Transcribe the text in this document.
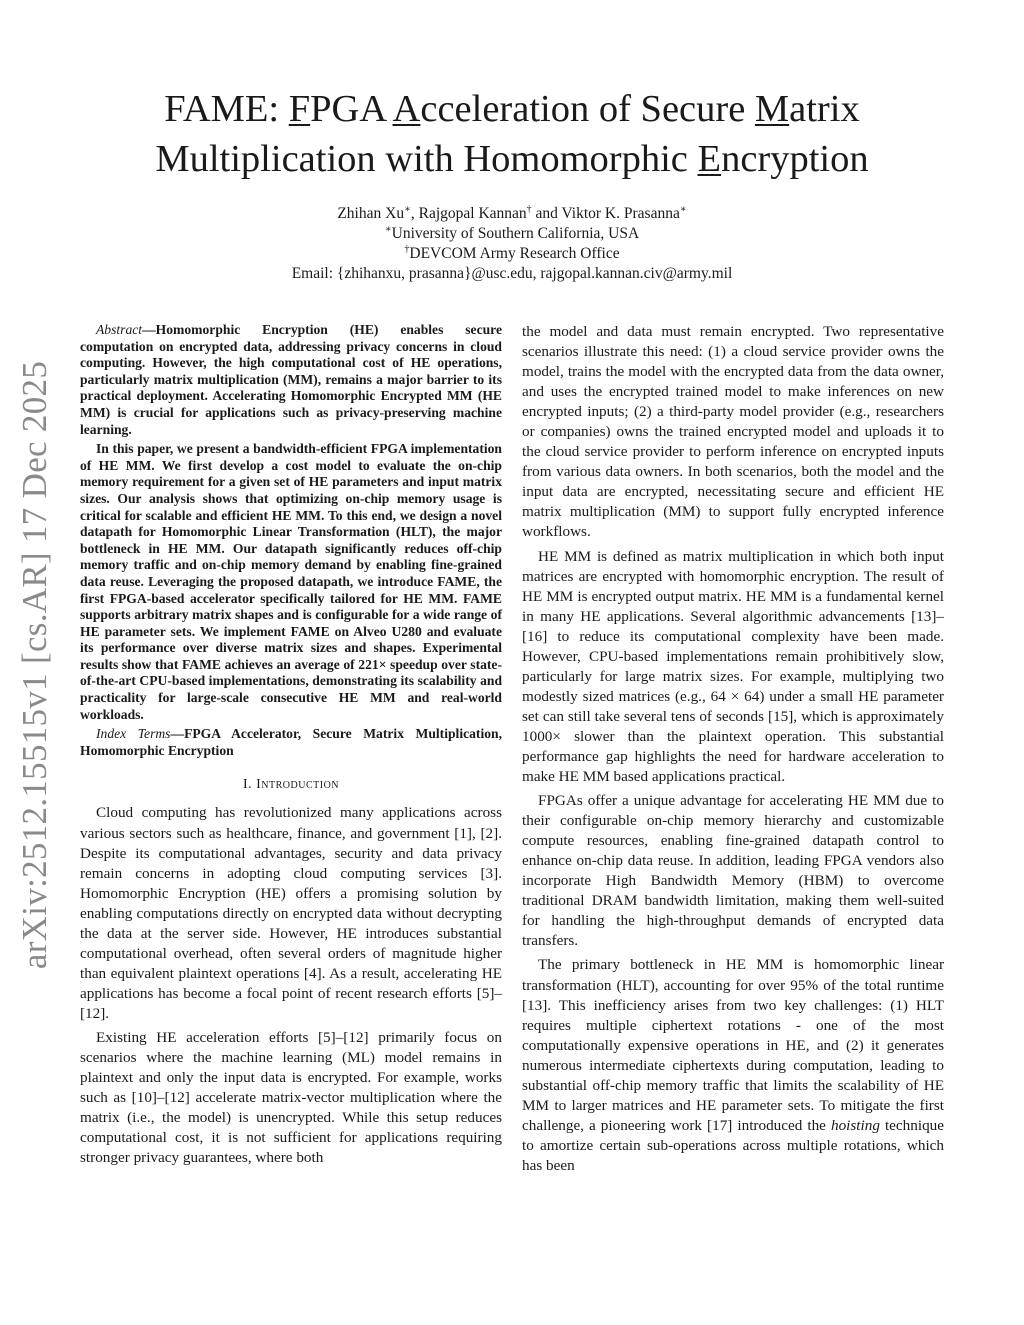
arXiv:2512.15515v1 [cs.AR] 17 Dec 2025
FAME: FPGA Acceleration of Secure Matrix
Multiplication with Homomorphic Encryption
Zhihan Xu∗, Rajgopal Kannan† and Viktor K. Prasanna∗
∗University of Southern California, USA
†DEVCOM Army Research Office
Email: {zhihanxu, prasanna}@usc.edu, rajgopal.kannan.civ@army.mil

Abstract—Homomorphic Encryption (HE) enables secure computation on encrypted data, addressing privacy concerns in cloud computing. However, the high computational cost of HE operations, particularly matrix multiplication (MM), remains a major barrier to its practical deployment. Accelerating Homomorphic Encrypted MM (HE MM) is crucial for applications such as privacy-preserving machine learning.

In this paper, we present a bandwidth-efficient FPGA implementation of HE MM. We first develop a cost model to evaluate the on-chip memory requirement for a given set of HE parameters and input matrix sizes. Our analysis shows that optimizing on-chip memory usage is critical for scalable and efficient HE MM. To this end, we design a novel datapath for Homomorphic Linear Transformation (HLT), the major bottleneck in HE MM. Our datapath significantly reduces off-chip memory traffic and on-chip memory demand by enabling fine-grained data reuse. Leveraging the proposed datapath, we introduce FAME, the first FPGA-based accelerator specifically tailored for HE MM. FAME supports arbitrary matrix shapes and is configurable for a wide range of HE parameter sets. We implement FAME on Alveo U280 and evaluate its performance over diverse matrix sizes and shapes. Experimental results show that FAME achieves an average of 221× speedup over state-of-the-art CPU-based implementations, demonstrating its scalability and practicality for large-scale consecutive HE MM and real-world workloads.

Index Terms—FPGA Accelerator, Secure Matrix Multiplication, Homomorphic Encryption

I. Introduction

Cloud computing has revolutionized many applications across various sectors such as healthcare, finance, and government [1], [2]. Despite its computational advantages, security and data privacy remain concerns in adopting cloud computing services [3]. Homomorphic Encryption (HE) offers a promising solution by enabling computations directly on encrypted data without decrypting the data at the server side. However, HE introduces substantial computational overhead, often several orders of magnitude higher than equivalent plaintext operations [4]. As a result, accelerating HE applications has become a focal point of recent research efforts [5]–[12].

Existing HE acceleration efforts [5]–[12] primarily focus on scenarios where the machine learning (ML) model remains in plaintext and only the input data is encrypted. For example, works such as [10]–[12] accelerate matrix-vector multiplication where the matrix (i.e., the model) is unencrypted. While this setup reduces computational cost, it is not sufficient for applications requiring stronger privacy guarantees, where both

the model and data must remain encrypted. Two representative scenarios illustrate this need: (1) a cloud service provider owns the model, trains the model with the encrypted data from the data owner, and uses the encrypted trained model to make inferences on new encrypted inputs; (2) a third-party model provider (e.g., researchers or companies) owns the trained encrypted model and uploads it to the cloud service provider to perform inference on encrypted inputs from various data owners. In both scenarios, both the model and the input data are encrypted, necessitating secure and efficient HE matrix multiplication (MM) to support fully encrypted inference workflows.

HE MM is defined as matrix multiplication in which both input matrices are encrypted with homomorphic encryption. The result of HE MM is encrypted output matrix. HE MM is a fundamental kernel in many HE applications. Several algorithmic advancements [13]–[16] to reduce its computational complexity have been made. However, CPU-based implementations remain prohibitively slow, particularly for large matrix sizes. For example, multiplying two modestly sized matrices (e.g., 64 × 64) under a small HE parameter set can still take several tens of seconds [15], which is approximately 1000× slower than the plaintext operation. This substantial performance gap highlights the need for hardware acceleration to make HE MM based applications practical.

FPGAs offer a unique advantage for accelerating HE MM due to their configurable on-chip memory hierarchy and customizable compute resources, enabling fine-grained datapath control to enhance on-chip data reuse. In addition, leading FPGA vendors also incorporate High Bandwidth Memory (HBM) to overcome traditional DRAM bandwidth limitation, making them well-suited for handling the high-throughput demands of encrypted data transfers.

The primary bottleneck in HE MM is homomorphic linear transformation (HLT), accounting for over 95% of the total runtime [13]. This inefficiency arises from two key challenges: (1) HLT requires multiple ciphertext rotations - one of the most computationally expensive operations in HE, and (2) it generates numerous intermediate ciphertexts during computation, leading to substantial off-chip memory traffic that limits the scalability of HE MM to larger matrices and HE parameter sets. To mitigate the first challenge, a pioneering work [17] introduced the hoisting technique to amortize certain sub-operations across multiple rotations, which has been
